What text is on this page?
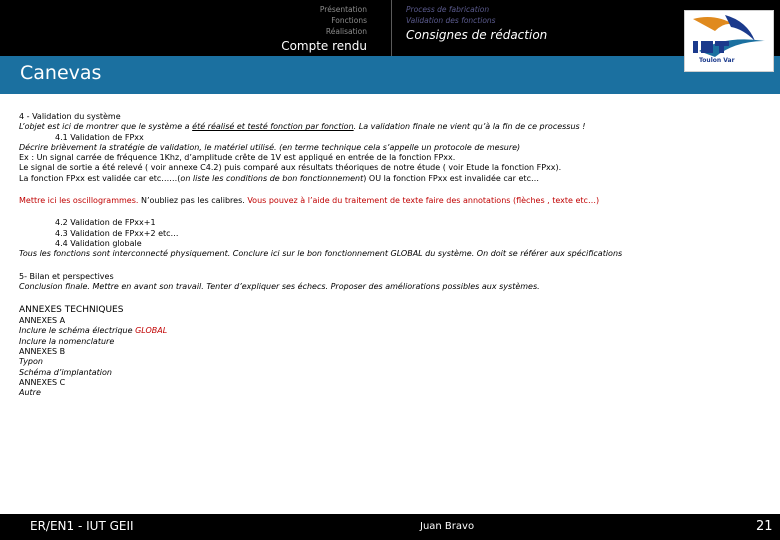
Présentation
Fonctions
Réalisation
Compte rendu
Process de fabrication
Validation des fonctions
Consignes de rédaction
Canevas
Toulon Var

4 - Validation du système

L’objet est ici de montrer que le système a été réalisé et testé fonction par fonction. La validation finale ne vient qu’à la fin de ce processus !

4.1 Validation de FPxx

Décrire brièvement la stratégie de validation, le matériel utilisé. (en terme technique cela s’appelle un protocole de mesure)

Ex : Un signal carrée de fréquence 1Khz, d’amplitude crête de 1V est appliqué en entrée de la fonction FPxx.

Le signal de sortie a été relevé ( voir annexe C4.2) puis comparé aux résultats théoriques de notre étude ( voir Etude la fonction FPxx).

La fonction FPxx est validée car etc……(on liste les conditions de bon fonctionnement) OU la fonction FPxx est invalidée car etc…

Mettre ici les oscillogrammes. N’oubliez pas les calibres. Vous pouvez à l’aide du traitement de texte faire des annotations (flèches , texte etc…)

4.2 Validation de FPxx+1

4.3 Validation de FPxx+2 etc…

4.4 Validation globale

Tous les fonctions sont interconnecté physiquement. Conclure ici sur le bon fonctionnement GLOBAL du système. On doit se référer aux spécifications

5- Bilan et perspectives

Conclusion finale. Mettre en avant son travail. Tenter d’expliquer ses échecs. Proposer des améliorations possibles aux systèmes.

ANNEXES TECHNIQUES

ANNEXES A

Inclure le schéma électrique GLOBAL

Inclure la nomenclature

ANNEXES B

Typon

Schéma d’implantation

ANNEXES C

Autre

ER/EN1 - IUT GEII	Juan Bravo	21
